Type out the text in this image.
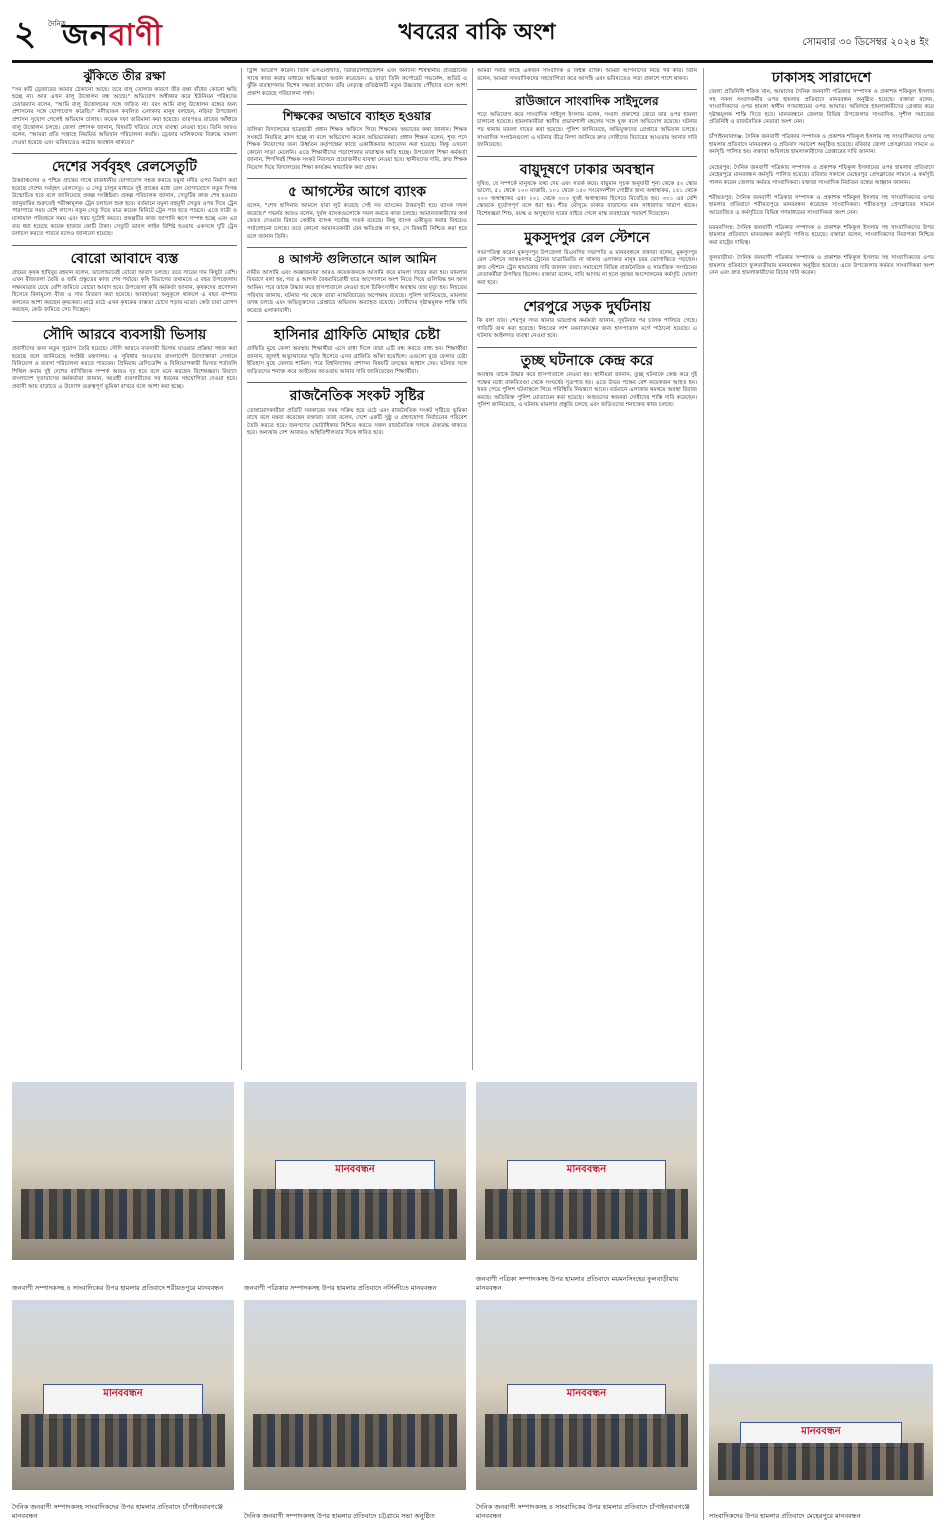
২	দৈনিক
জনবাণী	খবরের বাকি অংশ	সোমবার ৩০ ডিসেম্বর ২০২৪ ইং
ঝুঁকিতে তীর রক্ষা
"সব কটি ড্রেজারের আমার ঠেকানো আছে। তবে বালু তোলার কারণে তীর রক্ষা বাঁধের কোনো ক্ষতি হচ্ছে না। আর এখন বালু উত্তোলন বন্ধ আছে।" অভিযোগ অস্বীকার করে ইউনিয়ন পরিষদের চেয়ারম্যান বলেন, "আমি বালু উত্তোলনের সঙ্গে জড়িত না। বরং আমি বালু উত্তোলন বন্ধের জন্য প্রশাসনের সঙ্গে যোগাযোগ করেছি।" নদীভাঙন কবলিত এলাকার মানুষ বলছেন, নড়িয়া উপজেলা প্রশাসন সুযোগ পেলেই অভিযান চালায়। কয়েক দফা জরিমানা করা হয়েছে। তারপরও রাতের আঁধারে বালু উত্তোলন চলছে। জেলা প্রশাসক জানান, বিষয়টি খতিয়ে দেখে ব্যবস্থা নেওয়া হবে। তিনি আরও বলেন, "আমরা প্রতি সপ্তাহে নিয়মিত অভিযান পরিচালনা করছি। ড্রেজার মালিকদের বিরুদ্ধে মামলা দেওয়া হয়েছে এবং ভবিষ্যতেও কঠোর অবস্থান থাকবে।"
দেশের সর্ববৃহৎ রেলসেতুটি
উত্তরাঞ্চলের ও পশ্চিম প্রান্তের সাথে রাজধানীর যোগাযোগ সহজ করতে যমুনা নদীর ওপর নির্মাণ করা হয়েছে দেশের সর্ববৃহৎ রেলসেতু। এ সেতু চালুর মাধ্যমে দুই প্রান্তের মধ্যে রেল যোগাযোগে নতুন দিগন্ত উন্মোচিত হবে বলে জানিয়েছে প্রকল্প সংশ্লিষ্টরা। প্রকল্প পরিচালক জানান, সেতুটির কাজ শেষ হওয়ায় জানুয়ারির শুরুতেই পরীক্ষামূলক ট্রেন চলাচল শুরু হবে। বর্তমানে যমুনা বহুমুখী সেতুর ওপর দিয়ে ট্রেন পারাপারে সময় বেশি লাগে। নতুন সেতু দিয়ে মাত্র কয়েক মিনিটে ট্রেন পার হতে পারবে। এতে যাত্রী ও মালামাল পরিবহনে সময় এবং খরচ দুটোই কমবে। প্রকল্পটির কাজ জাপানি ঋণে সম্পন্ন হচ্ছে এবং এর ব্যয় ধরা হয়েছে কয়েক হাজার কোটি টাকা। সেতুটি ডাবল লাইন বিশিষ্ট হওয়ায় একসঙ্গে দুটি ট্রেন চলাচল করতে পারবে বলেও জানানো হয়েছে।
বোরো আবাদে ব্যস্ত
গ্রামের কৃষক হাবিবুর রহমান বলেন, ভালোভাবেই বোরো আবাদ চলছে। তবে সারের দাম কিছুটা বেশি। এখন বীজতলা তৈরি ও জমি প্রস্তুতের কাজ শেষ পর্যায়ে। কৃষি বিভাগের তথ্যমতে এ বছর উপজেলায় লক্ষ্যমাত্রার চেয়ে বেশি জমিতে বোরো আবাদ হবে। উপজেলা কৃষি কর্মকর্তা জানান, কৃষকদের প্রণোদনা হিসেবে বিনামূল্যে বীজ ও সার বিতরণ করা হয়েছে। আবহাওয়া অনুকূলে থাকলে এ বছর বাম্পার ফলনের আশা করছেন কৃষকেরা। মাঠে মাঠে এখন কৃষকের ব্যস্ততা চোখে পড়ার মতো। কেউ চারা রোপণ করছেন, কেউ জমিতে সেচ দিচ্ছেন।
সৌদি আরবে ব্যবসায়ী ভিসায়
প্রবাসীদের জন্য নতুন সুযোগ তৈরি হয়েছে। সৌদি আরবে ব্যবসায়ী ভিসায় যাওয়ার প্রক্রিয়া সহজ করা হয়েছে বলে জানিয়েছে সংশ্লিষ্ট মন্ত্রণালয়। এ সুবিধার আওতায় বাংলাদেশি উদ্যোক্তারা সেখানে বিনিয়োগ ও ব্যবসা পরিচালনা করতে পারবেন। প্রিমিয়াম রেসিডেন্সি ও বিনিয়োগকারী ভিসার শর্তাবলি শিথিল করায় দুই দেশের বাণিজ্যিক সম্পর্ক আরও দৃঢ় হবে বলে মনে করছেন বিশেষজ্ঞরা। রিয়াদে বাংলাদেশ দূতাবাসের কর্মকর্তারা জানান, আগ্রহী ব্যবসায়ীদের সব ধরনের সহযোগিতা দেওয়া হবে। প্রবাসী আয় বাড়াতে এ উদ্যোগ গুরুত্বপূর্ণ ভূমিকা রাখবে বলে আশা করা হচ্ছে।
ট্রিপ্স আরোপ করেন। তিনি এসএমইখাত, ডিজিটালাইজেশন এবং অন্যান্য শীর্ষস্থানীয় প্রতিষ্ঠানের সাথে কাজ করার মাধ্যমে অভিজ্ঞতা অর্জন করেছেন। এ ছাড়া তিনি কর্পোরেট গভর্নেন্স, অডিট ও ঝুঁকি ব্যবস্থাপনায় বিশেষ দক্ষতা রাখেন। তাঁর নেতৃত্বে প্রতিষ্ঠানটি নতুন উচ্চতায় পৌঁছাবে বলে আশা প্রকাশ করেছে পরিচালনা পর্ষদ।
শিক্ষকের অভাবে ব্যাহত হওয়ার
বালিকা বিদ্যালয়ের ছাত্রছাত্রী প্রধান শিক্ষক অফিসে গিয়ে শিক্ষকের অভাবের কথা জানান। শিক্ষক সংকটে নিয়মিত ক্লাস হচ্ছে না বলে অভিযোগ করেন অভিভাবকরা। প্রধান শিক্ষক বলেন, শূন্য পদে শিক্ষক নিয়োগের জন্য উর্ধ্বতন কর্তৃপক্ষের কাছে একাধিকবার আবেদন করা হয়েছে। কিন্তু এখনো কোনো সাড়া মেলেনি। এতে শিক্ষার্থীদের পড়াশোনার মারাত্মক ক্ষতি হচ্ছে। উপজেলা শিক্ষা কর্মকর্তা জানান, শিগগিরই শিক্ষক সংকট নিরসনে প্রয়োজনীয় ব্যবস্থা নেওয়া হবে। স্থানীয়দের দাবি, দ্রুত শিক্ষক নিয়োগ দিয়ে বিদ্যালয়ের শিক্ষা কার্যক্রম স্বাভাবিক করা হোক।
৫ আগস্টের আগে ব্যাংক
বলেন, "শেখ হাসিনার আমলে যারা লুট করেছে সেই সব ব্যাংকের উত্তরসূরী হয়ে ব্যাংক দখল করেছে।" গভর্নর আরও বলেন, দুর্বল ব্যাংকগুলোকে সবল করতে কাজ চলছে। আমানতকারীদের অর্থ ফেরত দেওয়ার বিষয়ে কেন্দ্রীয় ব্যাংক সর্বোচ্চ সতর্ক রয়েছে। কিছু ব্যাংক একীভূত করার বিষয়েও পর্যালোচনা চলছে। তবে কোনো আমানতকারী যেন ক্ষতিগ্রস্ত না হন, সে বিষয়টি নিশ্চিত করা হবে বলে জানান তিনি।
৪ আগস্ট গুলিতানে আল আমিন
নামীয় আসামি এবং অজ্ঞাতনামা আরও কয়েকজনকে আসামি করে মামলা দায়ের করা হয়। মামলার বিবরণে বলা হয়, গত ৪ আগস্ট বৈষম্যবিরোধী ছাত্র আন্দোলনে অংশ নিতে গিয়ে গুলিবিদ্ধ হন আল আমিন। পরে তাকে উদ্ধার করে হাসপাতালে নেওয়া হলে চিকিৎসাধীন অবস্থায় তার মৃত্যু হয়। নিহতের পরিবার জানায়, ঘটনার পর থেকে তারা ন্যায়বিচারের অপেক্ষায় রয়েছে। পুলিশ জানিয়েছে, মামলার তদন্ত চলছে এবং অভিযুক্তদের গ্রেপ্তারে অভিযান অব্যাহত রয়েছে। দোষীদের দৃষ্টান্তমূলক শাস্তি দাবি করেছে এলাকাবাসী।
হাসিনার গ্রাফিতি মোছার চেষ্টা
গ্রাফিতি মুছে ফেলা অবস্থায় শিক্ষার্থীরা এসে বাধা দিলে তারা এটি বন্ধ করতে বাধ্য হন। শিক্ষার্থীরা জানান, জুলাই অভ্যুত্থানের স্মৃতি হিসেবে এসব গ্রাফিতি আঁকা হয়েছিল। এগুলো মুছে ফেলার চেষ্টা ইতিহাস মুছে ফেলার শামিল। পরে বিশ্ববিদ্যালয় প্রশাসন বিষয়টি তদন্তের আশ্বাস দেয়। ঘটনার সঙ্গে জড়িতদের শনাক্ত করে আইনের আওতায় আনার দাবি জানিয়েছেন শিক্ষার্থীরা।
রাজনৈতিক সংকট সৃষ্টির
তোষামোদকারীরা প্রতিটি সরকারের সময় সক্রিয় হয়ে ওঠে এবং রাজনৈতিক সংকট সৃষ্টিতে ভূমিকা রাখে বলে মন্তব্য করেছেন বক্তারা। তারা বলেন, দেশে একটি সুষ্ঠু ও গ্রহণযোগ্য নির্বাচনের পরিবেশ তৈরি করতে হবে। জনগণের ভোটাধিকার নিশ্চিত করতে সকল রাজনৈতিক দলকে ঐক্যবদ্ধ থাকতে হবে। অন্যথায় দেশ আবারও অস্থিতিশীলতার দিকে ধাবিত হবে।
আমরা সবার কাছে একজন সাংবাদিক ও বিশ্বস্ত ব্যক্তি। আমরা আপনাদের নিয়ে গর্ব করি। তিনি বলেন, আমরা সাংবাদিকদের সহযোগিতা করে আসছি এবং ভবিষ্যতেও সত্য প্রকাশে পাশে থাকব।
রাউজানে সাংবাদিক সাইদুলের
পড়ে অভিযোগ করে সাংবাদিক সাইদুল ইসলাম বলেন, সংবাদ প্রকাশের জেরে তার ওপর হামলা চালানো হয়েছে। হামলাকারীরা স্থানীয় প্রভাবশালী মহলের সঙ্গে যুক্ত বলে অভিযোগ রয়েছে। ঘটনার পর থানায় মামলা দায়ের করা হয়েছে। পুলিশ জানিয়েছে, অভিযুক্তদের গ্রেপ্তারে অভিযান চলছে। সাংবাদিক সংগঠনগুলো এ ঘটনার তীব্র নিন্দা জানিয়ে দ্রুত দোষীদের বিচারের আওতায় আনার দাবি জানিয়েছে।
বায়ুদূষণে ঢাকার অবস্থান
দূষিত, যে সম্পর্কে মানুষকে তথ্য দেয় এবং সতর্ক করে। বায়ুমান সূচক অনুযায়ী শূন্য থেকে ৫০ স্কোর ভালো, ৫১ থেকে ১০০ মাঝারি, ১০১ থেকে ১৫০ সংবেদনশীল গোষ্ঠীর জন্য অস্বাস্থ্যকর, ১৫১ থেকে ২০০ অস্বাস্থ্যকর এবং ২০১ থেকে ৩০০ খুবই অস্বাস্থ্যকর হিসেবে বিবেচিত হয়। ৩০১ এর বেশি স্কোরকে দুর্যোগপূর্ণ বলে ধরা হয়। শীত মৌসুমে ঢাকার বাতাসের মান সাধারণত খারাপ থাকে। বিশেষজ্ঞরা শিশু, বয়স্ক ও অসুস্থদের ঘরের বাইরে গেলে মাস্ক ব্যবহারের পরামর্শ দিয়েছেন।
মুকসুদপুর রেল স্টেশনে
সভাপতিত্ব করেন মুকসুদপুর উপজেলা বিএনপির সভাপতি ও মানববন্ধনে বক্তারা বলেন, মুকসুদপুর রেল স্টেশনে আন্তঃনগর ট্রেনের যাত্রাবিরতি না থাকায় এলাকার মানুষ চরম ভোগান্তিতে পড়ছেন। দ্রুত স্টেশনে ট্রেন থামানোর দাবি জানান তারা। সমাবেশে বিভিন্ন রাজনৈতিক ও সামাজিক সংগঠনের নেতাকর্মীরা উপস্থিত ছিলেন। বক্তারা বলেন, দাবি আদায় না হলে বৃহত্তর আন্দোলনের কর্মসূচি ঘোষণা করা হবে।
শেরপুরে সড়ক দুর্ঘটনায়
কি বলা যায়। শেরপুর সদর থানার ভারপ্রাপ্ত কর্মকর্তা জানান, দুর্ঘটনার পর চালক পালিয়ে গেছে। গাড়িটি জব্দ করা হয়েছে। নিহতের লাশ ময়নাতদন্তের জন্য হাসপাতাল মর্গে পাঠানো হয়েছে। এ ঘটনায় আইনগত ব্যবস্থা নেওয়া হবে।
তুচ্ছ ঘটনাকে কেন্দ্র করে
অবস্থায় তাকে উদ্ধার করে হাসপাতালে নেওয়া হয়। স্থানীয়রা জানান, তুচ্ছ ঘটনাকে কেন্দ্র করে দুই পক্ষের মধ্যে বাকবিতণ্ডা থেকে সংঘর্ষের সূত্রপাত হয়। এতে উভয় পক্ষের বেশ কয়েকজন আহত হন। খবর পেয়ে পুলিশ ঘটনাস্থলে গিয়ে পরিস্থিতি নিয়ন্ত্রণে আনে। বর্তমানে এলাকায় থমথমে অবস্থা বিরাজ করছে। অতিরিক্ত পুলিশ মোতায়েন করা হয়েছে। আহতদের স্বজনরা দোষীদের শাস্তি দাবি করেছেন। পুলিশ জানিয়েছে, এ ঘটনায় মামলার প্রস্তুতি চলছে এবং জড়িতদের শনাক্তের কাজ চলছে।
ঢাকাসহ সারাদেশে
জেলা প্রতিনিধি শফিক খান, আমাদের দৈনিক জনবাণী পত্রিকার সম্পাদক ও প্রকাশক শফিকুল ইসলাম সহ সকল সংবাদকর্মীর ওপর হামলার প্রতিবাদে মানববন্ধন অনুষ্ঠিত হয়েছে। বক্তারা বলেন, সাংবাদিকদের ওপর হামলা স্বাধীন গণমাধ্যমের ওপর আঘাত। অবিলম্বে হামলাকারীদের গ্রেপ্তার করে দৃষ্টান্তমূলক শাস্তি দিতে হবে। মানববন্ধনে জেলার বিভিন্ন উপজেলার সাংবাদিক, সুশীল সমাজের প্রতিনিধি ও রাজনৈতিক নেতারা অংশ নেন।

চাঁপাইনবাবগঞ্জ: দৈনিক জনবাণী পত্রিকার সম্পাদক ও প্রকাশক শফিকুল ইসলাম সহ সাংবাদিকদের ওপর হামলার প্রতিবাদে মানববন্ধন ও প্রতিবাদ সমাবেশ অনুষ্ঠিত হয়েছে। রবিবার জেলা প্রেসক্লাবের সামনে এ কর্মসূচি পালিত হয়। বক্তারা অবিলম্বে হামলাকারীদের গ্রেপ্তারের দাবি জানান।

মেহেরপুর: দৈনিক জনবাণী পত্রিকার সম্পাদক ও প্রকাশক শফিকুল ইসলামের ওপর হামলার প্রতিবাদে মেহেরপুরে মানববন্ধন কর্মসূচি পালিত হয়েছে। রবিবার সকালে মেহেরপুর প্রেসক্লাবের সামনে এ কর্মসূচি পালন করেন জেলায় কর্মরত সাংবাদিকরা। বক্তারা সাংবাদিক নির্যাতন বন্ধের আহ্বান জানান।

শরীয়তপুর: দৈনিক জনবাণী পত্রিকার সম্পাদক ও প্রকাশক শফিকুল ইসলাম সহ সাংবাদিকদের ওপর হামলার প্রতিবাদে শরীয়তপুরে মানববন্ধন করেছেন সাংবাদিকরা। শরীয়তপুর প্রেসক্লাবের সামনে আয়োজিত এ কর্মসূচিতে বিভিন্ন গণমাধ্যমের সাংবাদিকরা অংশ নেন।

ময়মনসিংহ: দৈনিক জনবাণী পত্রিকার সম্পাদক ও প্রকাশক শফিকুল ইসলাম সহ সাংবাদিকদের উপর হামলার প্রতিবাদে মানববন্ধন কর্মসূচি পালিত হয়েছে। বক্তারা বলেন, সাংবাদিকদের নিরাপত্তা নিশ্চিত করা রাষ্ট্রের দায়িত্ব।

ফুলবাড়ীয়া: দৈনিক জনবাণী পত্রিকার সম্পাদক ও প্রকাশক শফিকুল ইসলাম সহ সাংবাদিকদের ওপর হামলার প্রতিবাদে ফুলবাড়ীয়ায় মানববন্ধন অনুষ্ঠিত হয়েছে। এতে উপজেলার কর্মরত সাংবাদিকরা অংশ নেন এবং দ্রুত হামলাকারীদের বিচার দাবি করেন।
জনবাণী সম্পাদকসহ ৪ সাংবাদিকের উপর হামলার প্রতিবাদে শরীয়তপুরে মানববন্ধন
মানববন্ধন
জনবাণী পত্রিকার সম্পাদকসহ উপর হামলার প্রতিবাদে নর্সিংদীতে মানববন্ধন
মানববন্ধন
জনবাণী পত্রিকা সম্পাদকসহ উপর হামলার প্রতিবাদে ময়মনসিংহের ফুলবাড়ীয়ায় মানববন্ধন
মানববন্ধন
দৈনিক জনবাণী সম্পাদকসহ সাংবাদিকদের উপর হামলার প্রতিবাদে চাঁপাইনবাবগঞ্জে মানববন্ধন	দৈনিক জনবাণী সম্পাদকসহ উপর হামলার প্রতিবাদে চট্টগ্রামে সভা অনুষ্ঠিত
মানববন্ধন
দৈনিক জনবাণী সম্পাদকসহ ৪ সাংবাদিকের উপর হামলার প্রতিবাদে চাঁপাইনবাবগঞ্জে মানববন্ধন
মানববন্ধন
সাংবাদিকদের উপর হামলার প্রতিবাদে মেহেরপুরে মানববন্ধন
